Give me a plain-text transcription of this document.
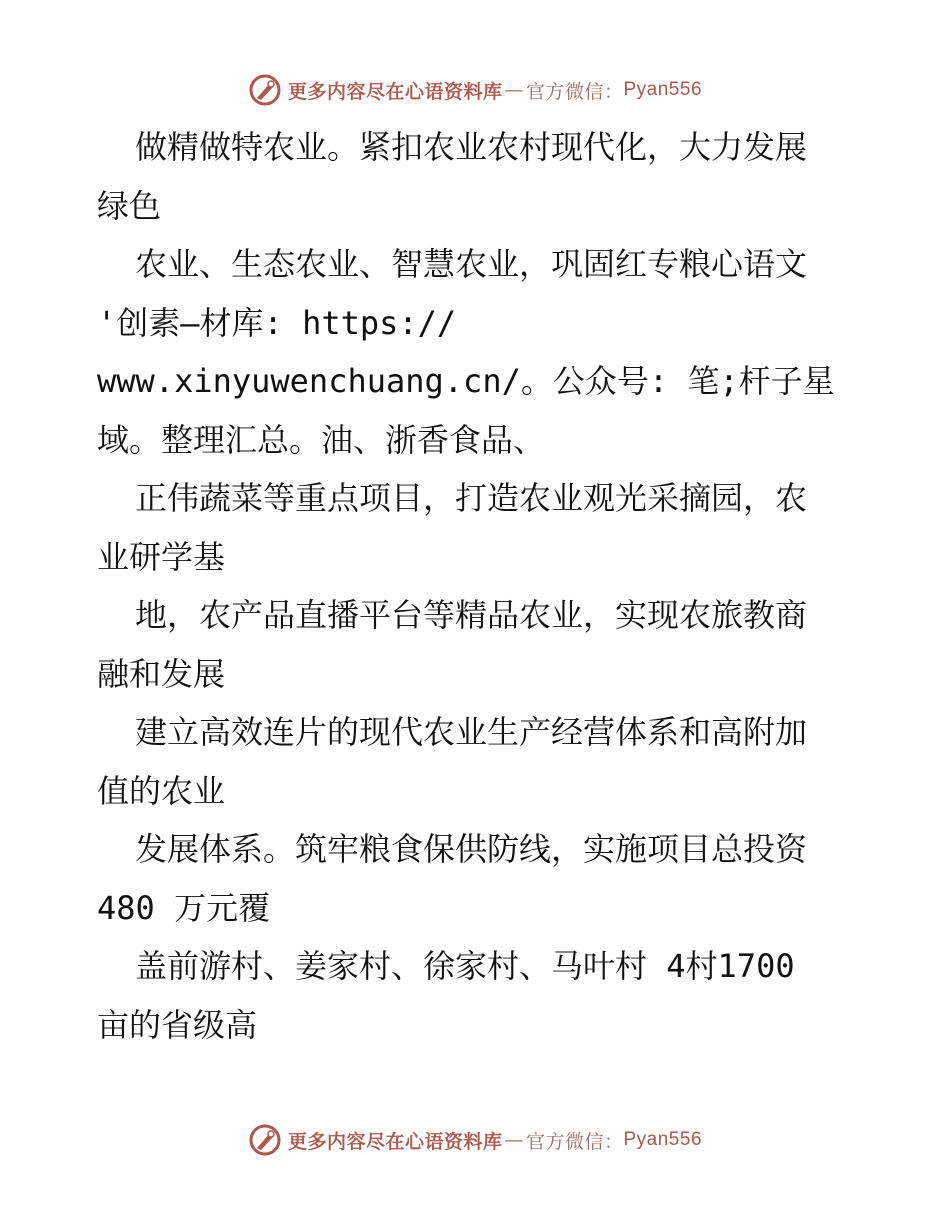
更多内容尽在心语资料库 — 官方微信： Pyan556
做精做特农业。紧扣农业农村现代化，大力发展
绿色
农业、生态农业、智慧农业，巩固红专粮心语文
'创素—材库: https://
www.xinyuwenchuang.cn/。公众号: 笔;杆子星
域。整理汇总。油、浙香食品、
正伟蔬菜等重点项目，打造农业观光采摘园，农
业研学基
地，农产品直播平台等精品农业，实现农旅教商
融和发展
建立高效连片的现代农业生产经营体系和高附加
值的农业
发展体系。筑牢粮食保供防线，实施项目总投资
480 万元覆
盖前游村、姜家村、徐家村、马叶村 4村1700
亩的省级高
更多内容尽在心语资料库 — 官方微信： Pyan556
